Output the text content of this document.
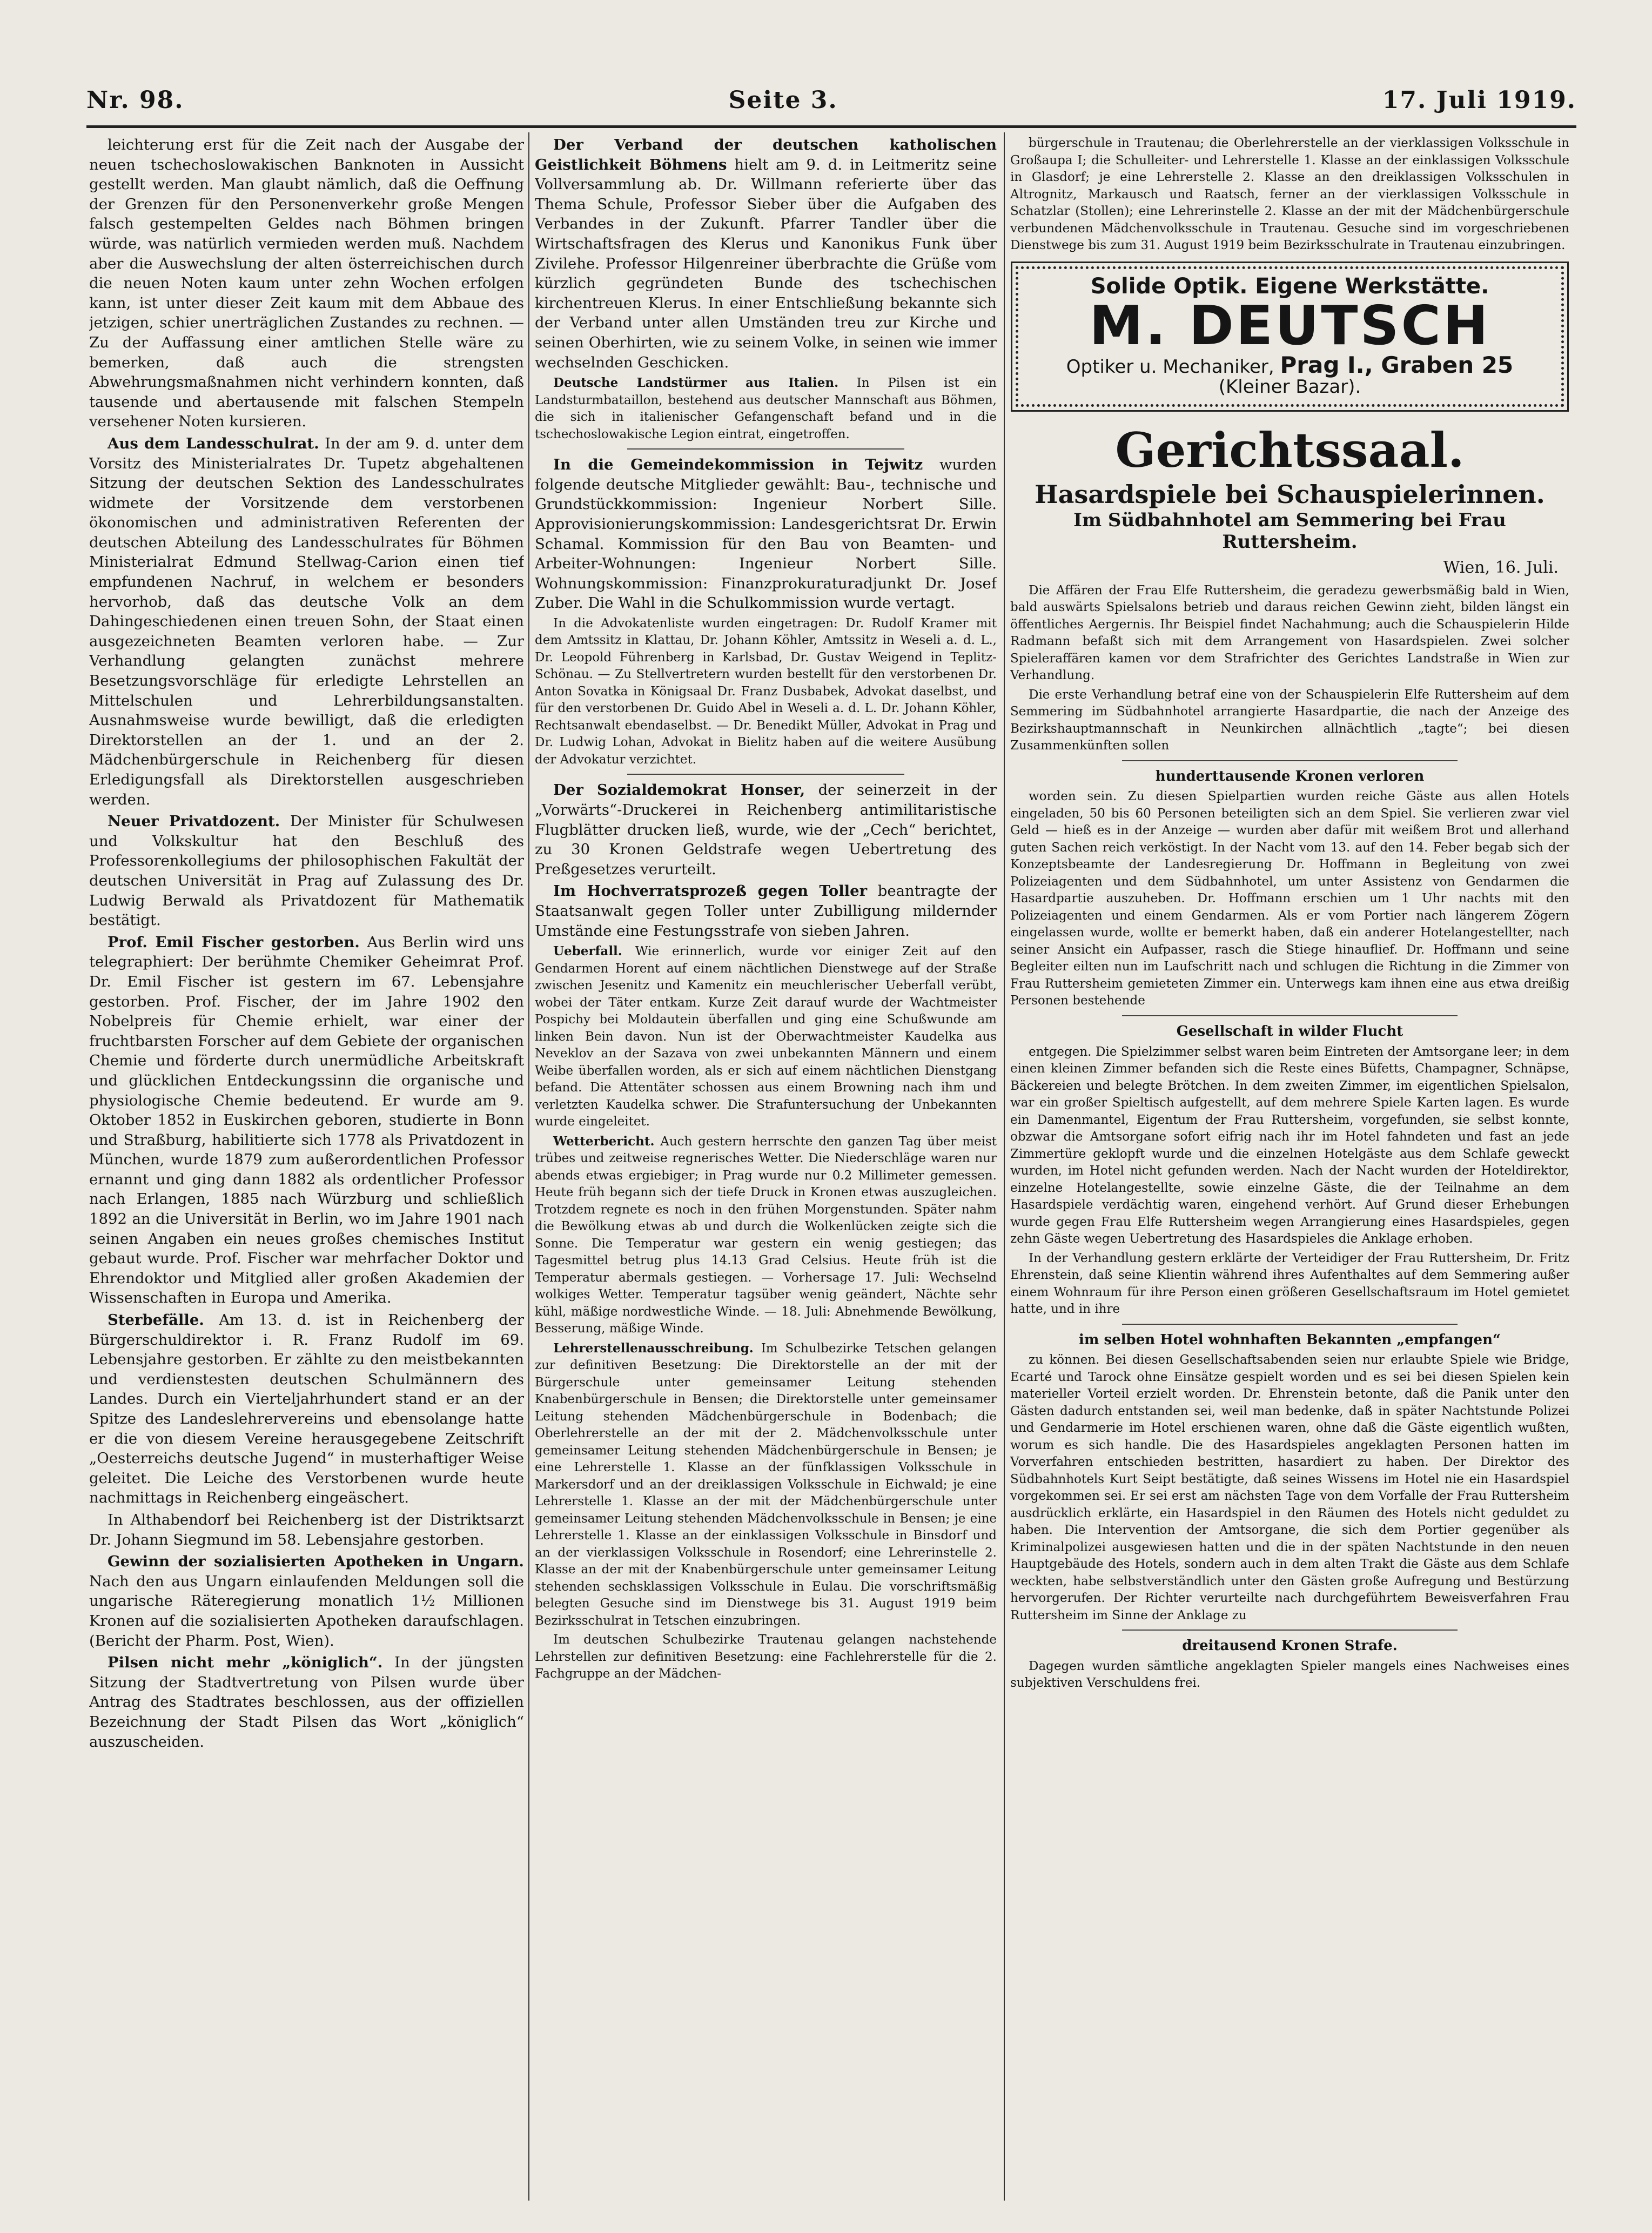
Nr. 98.	Seite 3.	17. Juli 1919.

leichterung erst für die Zeit nach der Ausgabe der neuen tschechoslowakischen Banknoten in Aussicht gestellt werden. Man glaubt nämlich, daß die Oeffnung der Grenzen für den Personenverkehr große Mengen falsch gestempelten Geldes nach Böhmen bringen würde, was natürlich vermieden werden muß. Nachdem aber die Auswechslung der alten österreichischen durch die neuen Noten kaum unter zehn Wochen erfolgen kann, ist unter dieser Zeit kaum mit dem Abbaue des jetzigen, schier unerträglichen Zustandes zu rechnen. — Zu der Auffassung einer amtlichen Stelle wäre zu bemerken, daß auch die strengsten Abwehrungsmaßnahmen nicht verhindern konnten, daß tausende und abertausende mit falschen Stempeln versehener Noten kursieren.

Aus dem Landesschulrat. In der am 9. d. unter dem Vorsitz des Ministerialrates Dr. Tupetz abgehaltenen Sitzung der deutschen Sektion des Landesschulrates widmete der Vorsitzende dem verstorbenen ökonomischen und administrativen Referenten der deutschen Abteilung des Landesschulrates für Böhmen Ministerialrat Edmund Stellwag-Carion einen tief empfundenen Nachruf, in welchem er besonders hervorhob, daß das deutsche Volk an dem Dahingeschiedenen einen treuen Sohn, der Staat einen ausgezeichneten Beamten verloren habe. — Zur Verhandlung gelangten zunächst mehrere Besetzungsvorschläge für erledigte Lehrstellen an Mittelschulen und Lehrerbildungsanstalten. Ausnahmsweise wurde bewilligt, daß die erledigten Direktorstellen an der 1. und an der 2. Mädchenbürgerschule in Reichenberg für diesen Erledigungsfall als Direktorstellen ausgeschrieben werden.

Neuer Privatdozent. Der Minister für Schulwesen und Volkskultur hat den Beschluß des Professorenkollegiums der philosophischen Fakultät der deutschen Universität in Prag auf Zulassung des Dr. Ludwig Berwald als Privatdozent für Mathematik bestätigt.

Prof. Emil Fischer gestorben. Aus Berlin wird uns telegraphiert: Der berühmte Chemiker Geheimrat Prof. Dr. Emil Fischer ist gestern im 67. Lebensjahre gestorben. Prof. Fischer, der im Jahre 1902 den Nobelpreis für Chemie erhielt, war einer der fruchtbarsten Forscher auf dem Gebiete der organischen Chemie und förderte durch unermüdliche Arbeitskraft und glücklichen Entdeckungssinn die organische und physiologische Chemie bedeutend. Er wurde am 9. Oktober 1852 in Euskirchen geboren, studierte in Bonn und Straßburg, habilitierte sich 1778 als Privatdozent in München, wurde 1879 zum außerordentlichen Professor ernannt und ging dann 1882 als ordentlicher Professor nach Erlangen, 1885 nach Würzburg und schließlich 1892 an die Universität in Berlin, wo im Jahre 1901 nach seinen Angaben ein neues großes chemisches Institut gebaut wurde. Prof. Fischer war mehrfacher Doktor und Ehrendoktor und Mitglied aller großen Akademien der Wissenschaften in Europa und Amerika.

Sterbefälle. Am 13. d. ist in Reichenberg der Bürgerschuldirektor i. R. Franz Rudolf im 69. Lebensjahre gestorben. Er zählte zu den meistbekannten und verdienstesten deutschen Schulmännern des Landes. Durch ein Vierteljahrhundert stand er an der Spitze des Landeslehrervereins und ebensolange hatte er die von diesem Vereine herausgegebene Zeitschrift „Oesterreichs deutsche Jugend“ in musterhaftiger Weise geleitet. Die Leiche des Verstorbenen wurde heute nachmittags in Reichenberg eingeäschert.

In Althabendorf bei Reichenberg ist der Distriktsarzt Dr. Johann Siegmund im 58. Lebensjahre gestorben.

Gewinn der sozialisierten Apotheken in Ungarn. Nach den aus Ungarn einlaufenden Meldungen soll die ungarische Räteregierung monatlich 1½ Millionen Kronen auf die sozialisierten Apotheken daraufschlagen. (Bericht der Pharm. Post, Wien).

Pilsen nicht mehr „königlich“. In der jüngsten Sitzung der Stadtvertretung von Pilsen wurde über Antrag des Stadtrates beschlossen, aus der offiziellen Bezeichnung der Stadt Pilsen das Wort „königlich“ auszuscheiden.

Der Verband der deutschen katholischen Geistlichkeit Böhmens hielt am 9. d. in Leitmeritz seine Vollversammlung ab. Dr. Willmann referierte über das Thema Schule, Professor Sieber über die Aufgaben des Verbandes in der Zukunft. Pfarrer Tandler über die Wirtschaftsfragen des Klerus und Kanonikus Funk über Zivilehe. Professor Hilgenreiner überbrachte die Grüße vom kürzlich gegründeten Bunde des tschechischen kirchentreuen Klerus. In einer Entschließung bekannte sich der Verband unter allen Umständen treu zur Kirche und seinen Oberhirten, wie zu seinem Volke, in seinen wie immer wechselnden Geschicken.

Deutsche Landstürmer aus Italien. In Pilsen ist ein Landsturmbataillon, bestehend aus deutscher Mannschaft aus Böhmen, die sich in italienischer Gefangenschaft befand und in die tschechoslowakische Legion eintrat, eingetroffen.

In die Gemeindekommission in Tejwitz wurden folgende deutsche Mitglieder gewählt: Bau-, technische und Grundstückkommission: Ingenieur Norbert Sille. Approvisionierungskommission: Landesgerichtsrat Dr. Erwin Schamal. Kommission für den Bau von Beamten- und Arbeiter-Wohnungen: Ingenieur Norbert Sille. Wohnungskommission: Finanzprokuraturadjunkt Dr. Josef Zuber. Die Wahl in die Schulkommission wurde vertagt.

In die Advokatenliste wurden eingetragen: Dr. Rudolf Kramer mit dem Amtssitz in Klattau, Dr. Johann Köhler, Amtssitz in Weseli a. d. L., Dr. Leopold Führenberg in Karlsbad, Dr. Gustav Weigend in Teplitz-Schönau. — Zu Stellvertretern wurden bestellt für den verstorbenen Dr. Anton Sovatka in Königsaal Dr. Franz Dusbabek, Advokat daselbst, und für den verstorbenen Dr. Guido Abel in Weseli a. d. L. Dr. Johann Köhler, Rechtsanwalt ebendaselbst. — Dr. Benedikt Müller, Advokat in Prag und Dr. Ludwig Lohan, Advokat in Bielitz haben auf die weitere Ausübung der Advokatur verzichtet.

Der Sozialdemokrat Honser, der seinerzeit in der „Vorwärts“-Druckerei in Reichenberg antimilitaristische Flugblätter drucken ließ, wurde, wie der „Cech“ berichtet, zu 30 Kronen Geldstrafe wegen Uebertretung des Preßgesetzes verurteilt.

Im Hochverratsprozeß gegen Toller beantragte der Staatsanwalt gegen Toller unter Zubilligung mildernder Umstände eine Festungsstrafe von sieben Jahren.

Ueberfall. Wie erinnerlich, wurde vor einiger Zeit auf den Gendarmen Horent auf einem nächtlichen Dienstwege auf der Straße zwischen Jesenitz und Kamenitz ein meuchlerischer Ueberfall verübt, wobei der Täter entkam. Kurze Zeit darauf wurde der Wachtmeister Pospichy bei Moldautein überfallen und ging eine Schußwunde am linken Bein davon. Nun ist der Oberwachtmeister Kaudelka aus Neveklov an der Sazava von zwei unbekannten Männern und einem Weibe überfallen worden, als er sich auf einem nächtlichen Dienstgang befand. Die Attentäter schossen aus einem Browning nach ihm und verletzten Kaudelka schwer. Die Strafuntersuchung der Unbekannten wurde eingeleitet.

Wetterbericht. Auch gestern herrschte den ganzen Tag über meist trübes und zeitweise regnerisches Wetter. Die Niederschläge waren nur abends etwas ergiebiger; in Prag wurde nur 0.2 Millimeter gemessen. Heute früh begann sich der tiefe Druck in Kronen etwas auszugleichen. Trotzdem regnete es noch in den frühen Morgenstunden. Später nahm die Bewölkung etwas ab und durch die Wolkenlücken zeigte sich die Sonne. Die Temperatur war gestern ein wenig gestiegen; das Tagesmittel betrug plus 14.13 Grad Celsius. Heute früh ist die Temperatur abermals gestiegen. — Vorhersage 17. Juli: Wechselnd wolkiges Wetter. Temperatur tagsüber wenig geändert, Nächte sehr kühl, mäßige nordwestliche Winde. — 18. Juli: Abnehmende Bewölkung, Besserung, mäßige Winde.

Lehrerstellenausschreibung. Im Schulbezirke Tetschen gelangen zur definitiven Besetzung: Die Direktorstelle an der mit der Bürgerschule unter gemeinsamer Leitung stehenden Knabenbürgerschule in Bensen; die Direktorstelle unter gemeinsamer Leitung stehenden Mädchenbürgerschule in Bodenbach; die Oberlehrerstelle an der mit der 2. Mädchenvolksschule unter gemeinsamer Leitung stehenden Mädchenbürgerschule in Bensen; je eine Lehrerstelle 1. Klasse an der fünfklassigen Volksschule in Markersdorf und an der dreiklassigen Volksschule in Eichwald; je eine Lehrerstelle 1. Klasse an der mit der Mädchenbürgerschule unter gemeinsamer Leitung stehenden Mädchenvolksschule in Bensen; je eine Lehrerstelle 1. Klasse an der einklassigen Volksschule in Binsdorf und an der vierklassigen Volksschule in Rosendorf; eine Lehrerinstelle 2. Klasse an der mit der Knabenbürgerschule unter gemeinsamer Leitung stehenden sechsklassigen Volksschule in Eulau. Die vorschriftsmäßig belegten Gesuche sind im Dienstwege bis 31. August 1919 beim Bezirksschulrat in Tetschen einzubringen.

Im deutschen Schulbezirke Trautenau gelangen nachstehende Lehrstellen zur definitiven Besetzung: eine Fachlehrerstelle für die 2. Fachgruppe an der Mädchen-

bürgerschule in Trautenau; die Oberlehrerstelle an der vierklassigen Volksschule in Großaupa I; die Schulleiter- und Lehrerstelle 1. Klasse an der einklassigen Volksschule in Glasdorf; je eine Lehrerstelle 2. Klasse an den dreiklassigen Volksschulen in Altrognitz, Markausch und Raatsch, ferner an der vierklassigen Volksschule in Schatzlar (Stollen); eine Lehrerinstelle 2. Klasse an der mit der Mädchenbürgerschule verbundenen Mädchenvolksschule in Trautenau. Gesuche sind im vorgeschriebenen Dienstwege bis zum 31. August 1919 beim Bezirksschulrate in Trautenau einzubringen.

Solide Optik. Eigene Werkstätte.
M. DEUTSCH
Optiker u. Mechaniker, Prag I., Graben 25
(Kleiner Bazar).
Gerichtssaal.
Hasardspiele bei Schauspielerinnen.
Im Südbahnhotel am Semmering bei Frau Ruttersheim.
Wien, 16. Juli.

Die Affären der Frau Elfe Ruttersheim, die geradezu gewerbsmäßig bald in Wien, bald auswärts Spielsalons betrieb und daraus reichen Gewinn zieht, bilden längst ein öffentliches Aergernis. Ihr Beispiel findet Nachahmung; auch die Schauspielerin Hilde Radmann befaßt sich mit dem Arrangement von Hasardspielen. Zwei solcher Spieleraffären kamen vor dem Strafrichter des Gerichtes Landstraße in Wien zur Verhandlung.

Die erste Verhandlung betraf eine von der Schauspielerin Elfe Ruttersheim auf dem Semmering im Südbahnhotel arrangierte Hasardpartie, die nach der Anzeige des Bezirkshauptmannschaft in Neunkirchen allnächtlich „tagte“; bei diesen Zusammenkünften sollen

hunderttausende Kronen verloren

worden sein. Zu diesen Spielpartien wurden reiche Gäste aus allen Hotels eingeladen, 50 bis 60 Personen beteiligten sich an dem Spiel. Sie verlieren zwar viel Geld — hieß es in der Anzeige — wurden aber dafür mit weißem Brot und allerhand guten Sachen reich verköstigt. In der Nacht vom 13. auf den 14. Feber begab sich der Konzeptsbeamte der Landesregierung Dr. Hoffmann in Begleitung von zwei Polizeiagenten und dem Südbahnhotel, um unter Assistenz von Gendarmen die Hasardpartie auszuheben. Dr. Hoffmann erschien um 1 Uhr nachts mit den Polizeiagenten und einem Gendarmen. Als er vom Portier nach längerem Zögern eingelassen wurde, wollte er bemerkt haben, daß ein anderer Hotelangestellter, nach seiner Ansicht ein Aufpasser, rasch die Stiege hinauflief. Dr. Hoffmann und seine Begleiter eilten nun im Laufschritt nach und schlugen die Richtung in die Zimmer von Frau Ruttersheim gemieteten Zimmer ein. Unterwegs kam ihnen eine aus etwa dreißig Personen bestehende

Gesellschaft in wilder Flucht

entgegen. Die Spielzimmer selbst waren beim Eintreten der Amtsorgane leer; in dem einen kleinen Zimmer befanden sich die Reste eines Büfetts, Champagner, Schnäpse, Bäckereien und belegte Brötchen. In dem zweiten Zimmer, im eigentlichen Spielsalon, war ein großer Spieltisch aufgestellt, auf dem mehrere Spiele Karten lagen. Es wurde ein Damenmantel, Eigentum der Frau Ruttersheim, vorgefunden, sie selbst konnte, obzwar die Amtsorgane sofort eifrig nach ihr im Hotel fahndeten und fast an jede Zimmertüre geklopft wurde und die einzelnen Hotelgäste aus dem Schlafe geweckt wurden, im Hotel nicht gefunden werden. Nach der Nacht wurden der Hoteldirektor, einzelne Hotelangestellte, sowie einzelne Gäste, die der Teilnahme an dem Hasardspiele verdächtig waren, eingehend verhört. Auf Grund dieser Erhebungen wurde gegen Frau Elfe Ruttersheim wegen Arrangierung eines Hasardspieles, gegen zehn Gäste wegen Uebertretung des Hasardspieles die Anklage erhoben.

In der Verhandlung gestern erklärte der Verteidiger der Frau Ruttersheim, Dr. Fritz Ehrenstein, daß seine Klientin während ihres Aufenthaltes auf dem Semmering außer einem Wohnraum für ihre Person einen größeren Gesellschaftsraum im Hotel gemietet hatte, und in ihre

im selben Hotel wohnhaften Bekannten „empfangen“

zu können. Bei diesen Gesellschaftsabenden seien nur erlaubte Spiele wie Bridge, Ecarté und Tarock ohne Einsätze gespielt worden und es sei bei diesen Spielen kein materieller Vorteil erzielt worden. Dr. Ehrenstein betonte, daß die Panik unter den Gästen dadurch entstanden sei, weil man bedenke, daß in später Nachtstunde Polizei und Gendarmerie im Hotel erschienen waren, ohne daß die Gäste eigentlich wußten, worum es sich handle. Die des Hasardspieles angeklagten Personen hatten im Vorverfahren entschieden bestritten, hasardiert zu haben. Der Direktor des Südbahnhotels Kurt Seipt bestätigte, daß seines Wissens im Hotel nie ein Hasardspiel vorgekommen sei. Er sei erst am nächsten Tage von dem Vorfalle der Frau Ruttersheim ausdrücklich erklärte, ein Hasardspiel in den Räumen des Hotels nicht geduldet zu haben. Die Intervention der Amtsorgane, die sich dem Portier gegenüber als Kriminalpolizei ausgewiesen hatten und die in der späten Nachtstunde in den neuen Hauptgebäude des Hotels, sondern auch in dem alten Trakt die Gäste aus dem Schlafe weckten, habe selbstverständlich unter den Gästen große Aufregung und Bestürzung hervorgerufen. Der Richter verurteilte nach durchgeführtem Beweisverfahren Frau Ruttersheim im Sinne der Anklage zu

dreitausend Kronen Strafe.

Dagegen wurden sämtliche angeklagten Spieler mangels eines Nachweises eines subjektiven Verschuldens frei.
